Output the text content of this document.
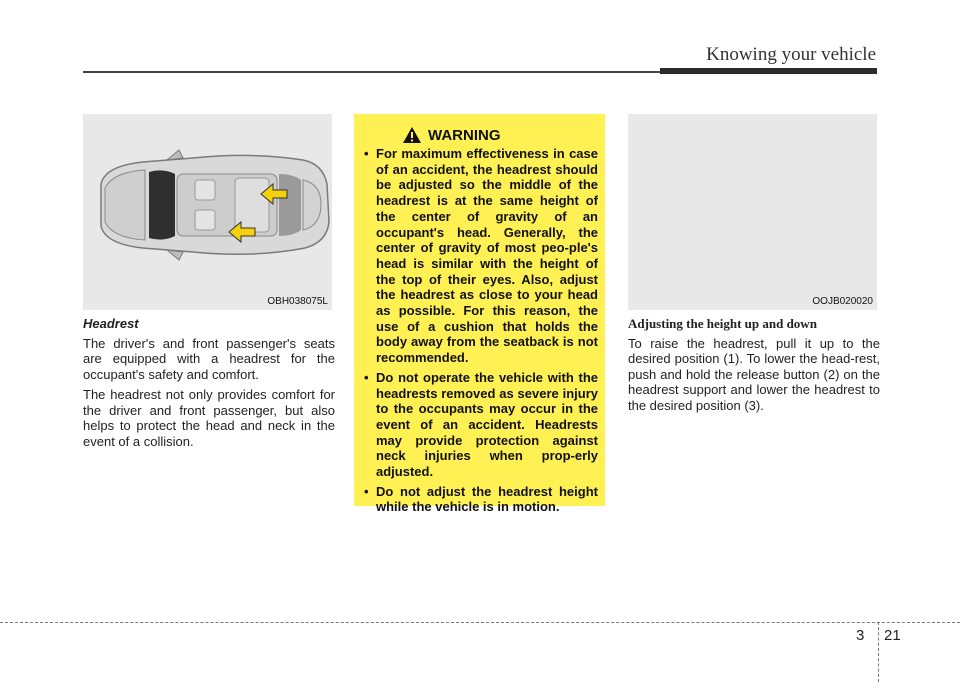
Knowing your vehicle
OBH038075L

Headrest

The driver's and front passenger's seats are equipped with a headrest for the occupant's safety and comfort.

The headrest not only provides comfort for the driver and front passenger, but also helps to protect the head and neck in the event of a collision.

WARNING
• For maximum effectiveness in case of an accident, the headrest should be adjusted so the middle of the headrest is at the same height of the center of gravity of an occupant's head. Generally, the center of gravity of most peo-ple's head is similar with the height of the top of their eyes. Also, adjust the headrest as close to your head as possible. For this reason, the use of a cushion that holds the body away from the seatback is not recommended.
• Do not operate the vehicle with the headrests removed as severe injury to the occupants may occur in the event of an accident. Headrests may provide protection against neck injuries when prop-erly adjusted.
• Do not adjust the headrest height while the vehicle is in motion.
OOJB020020

Adjusting the height up and down

To raise the headrest, pull it up to the desired position (1). To lower the head-rest, push and hold the release button (2) on the headrest support and lower the headrest to the desired position (3).

3 21
